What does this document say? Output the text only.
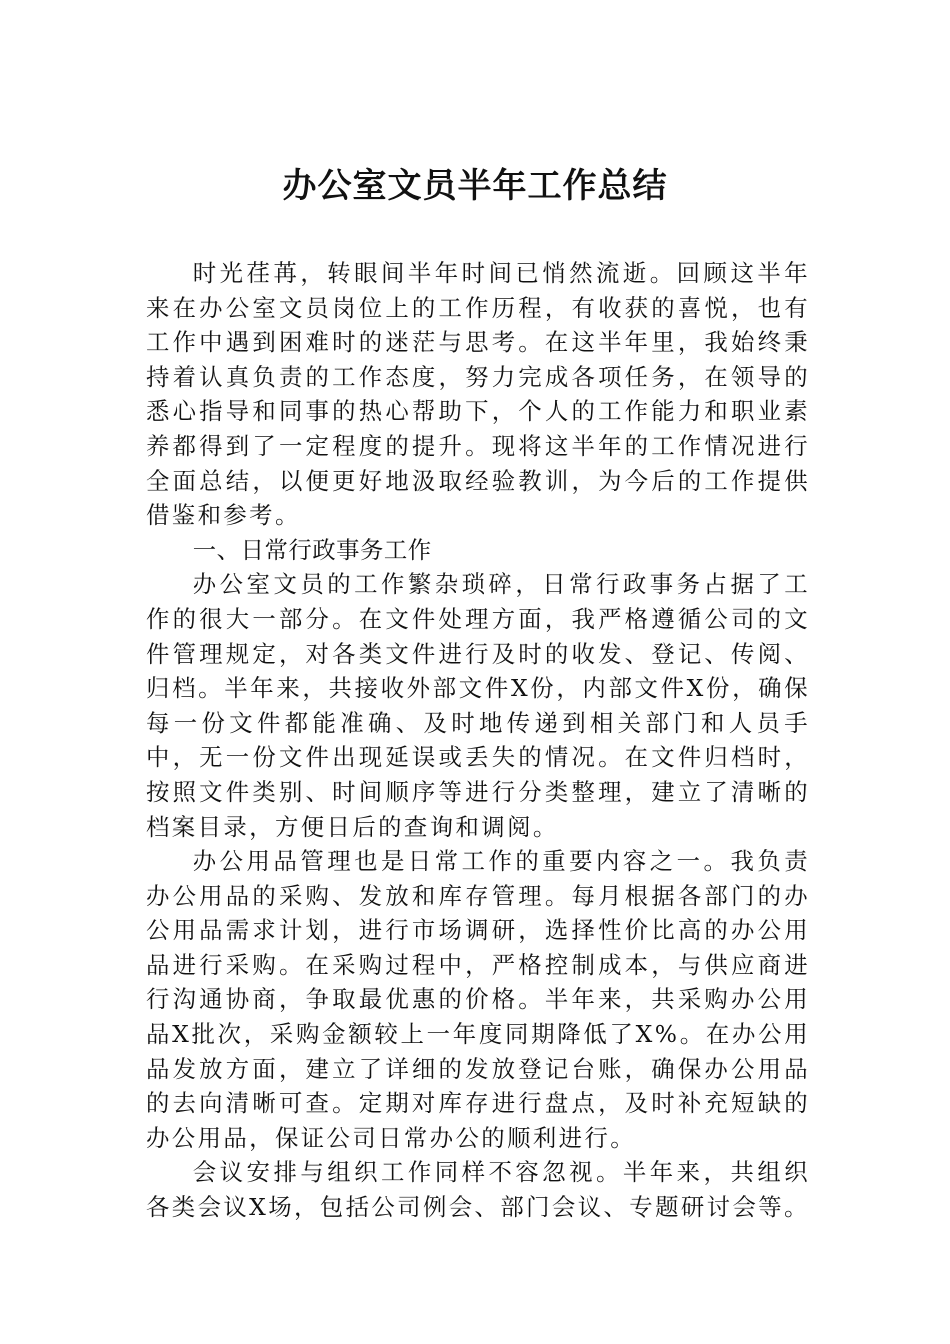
办公室文员半年工作总结

时光荏苒，转眼间半年时间已悄然流逝。回顾这半年来在办公室文员岗位上的工作历程，有收获的喜悦，也有工作中遇到困难时的迷茫与思考。在这半年里，我始终秉持着认真负责的工作态度，努力完成各项任务，在领导的悉心指导和同事的热心帮助下，个人的工作能力和职业素养都得到了一定程度的提升。现将这半年的工作情况进行全面总结，以便更好地汲取经验教训，为今后的工作提供借鉴和参考。

一、日常行政事务工作

办公室文员的工作繁杂琐碎，日常行政事务占据了工作的很大一部分。在文件处理方面，我严格遵循公司的文件管理规定，对各类文件进行及时的收发、登记、传阅、归档。半年来，共接收外部文件X份，内部文件X份，确保每一份文件都能准确、及时地传递到相关部门和人员手中，无一份文件出现延误或丢失的情况。在文件归档时，按照文件类别、时间顺序等进行分类整理，建立了清晰的档案目录，方便日后的查询和调阅。

办公用品管理也是日常工作的重要内容之一。我负责办公用品的采购、发放和库存管理。每月根据各部门的办公用品需求计划，进行市场调研，选择性价比高的办公用品进行采购。在采购过程中，严格控制成本，与供应商进行沟通协商，争取最优惠的价格。半年来，共采购办公用品X批次，采购金额较上一年度同期降低了X%。在办公用品发放方面，建立了详细的发放登记台账，确保办公用品的去向清晰可查。定期对库存进行盘点，及时补充短缺的办公用品，保证公司日常办公的顺利进行。

会议安排与组织工作同样不容忽视。半年来，共组织各类会议X场，包括公司例会、部门会议、专题研讨会等。
